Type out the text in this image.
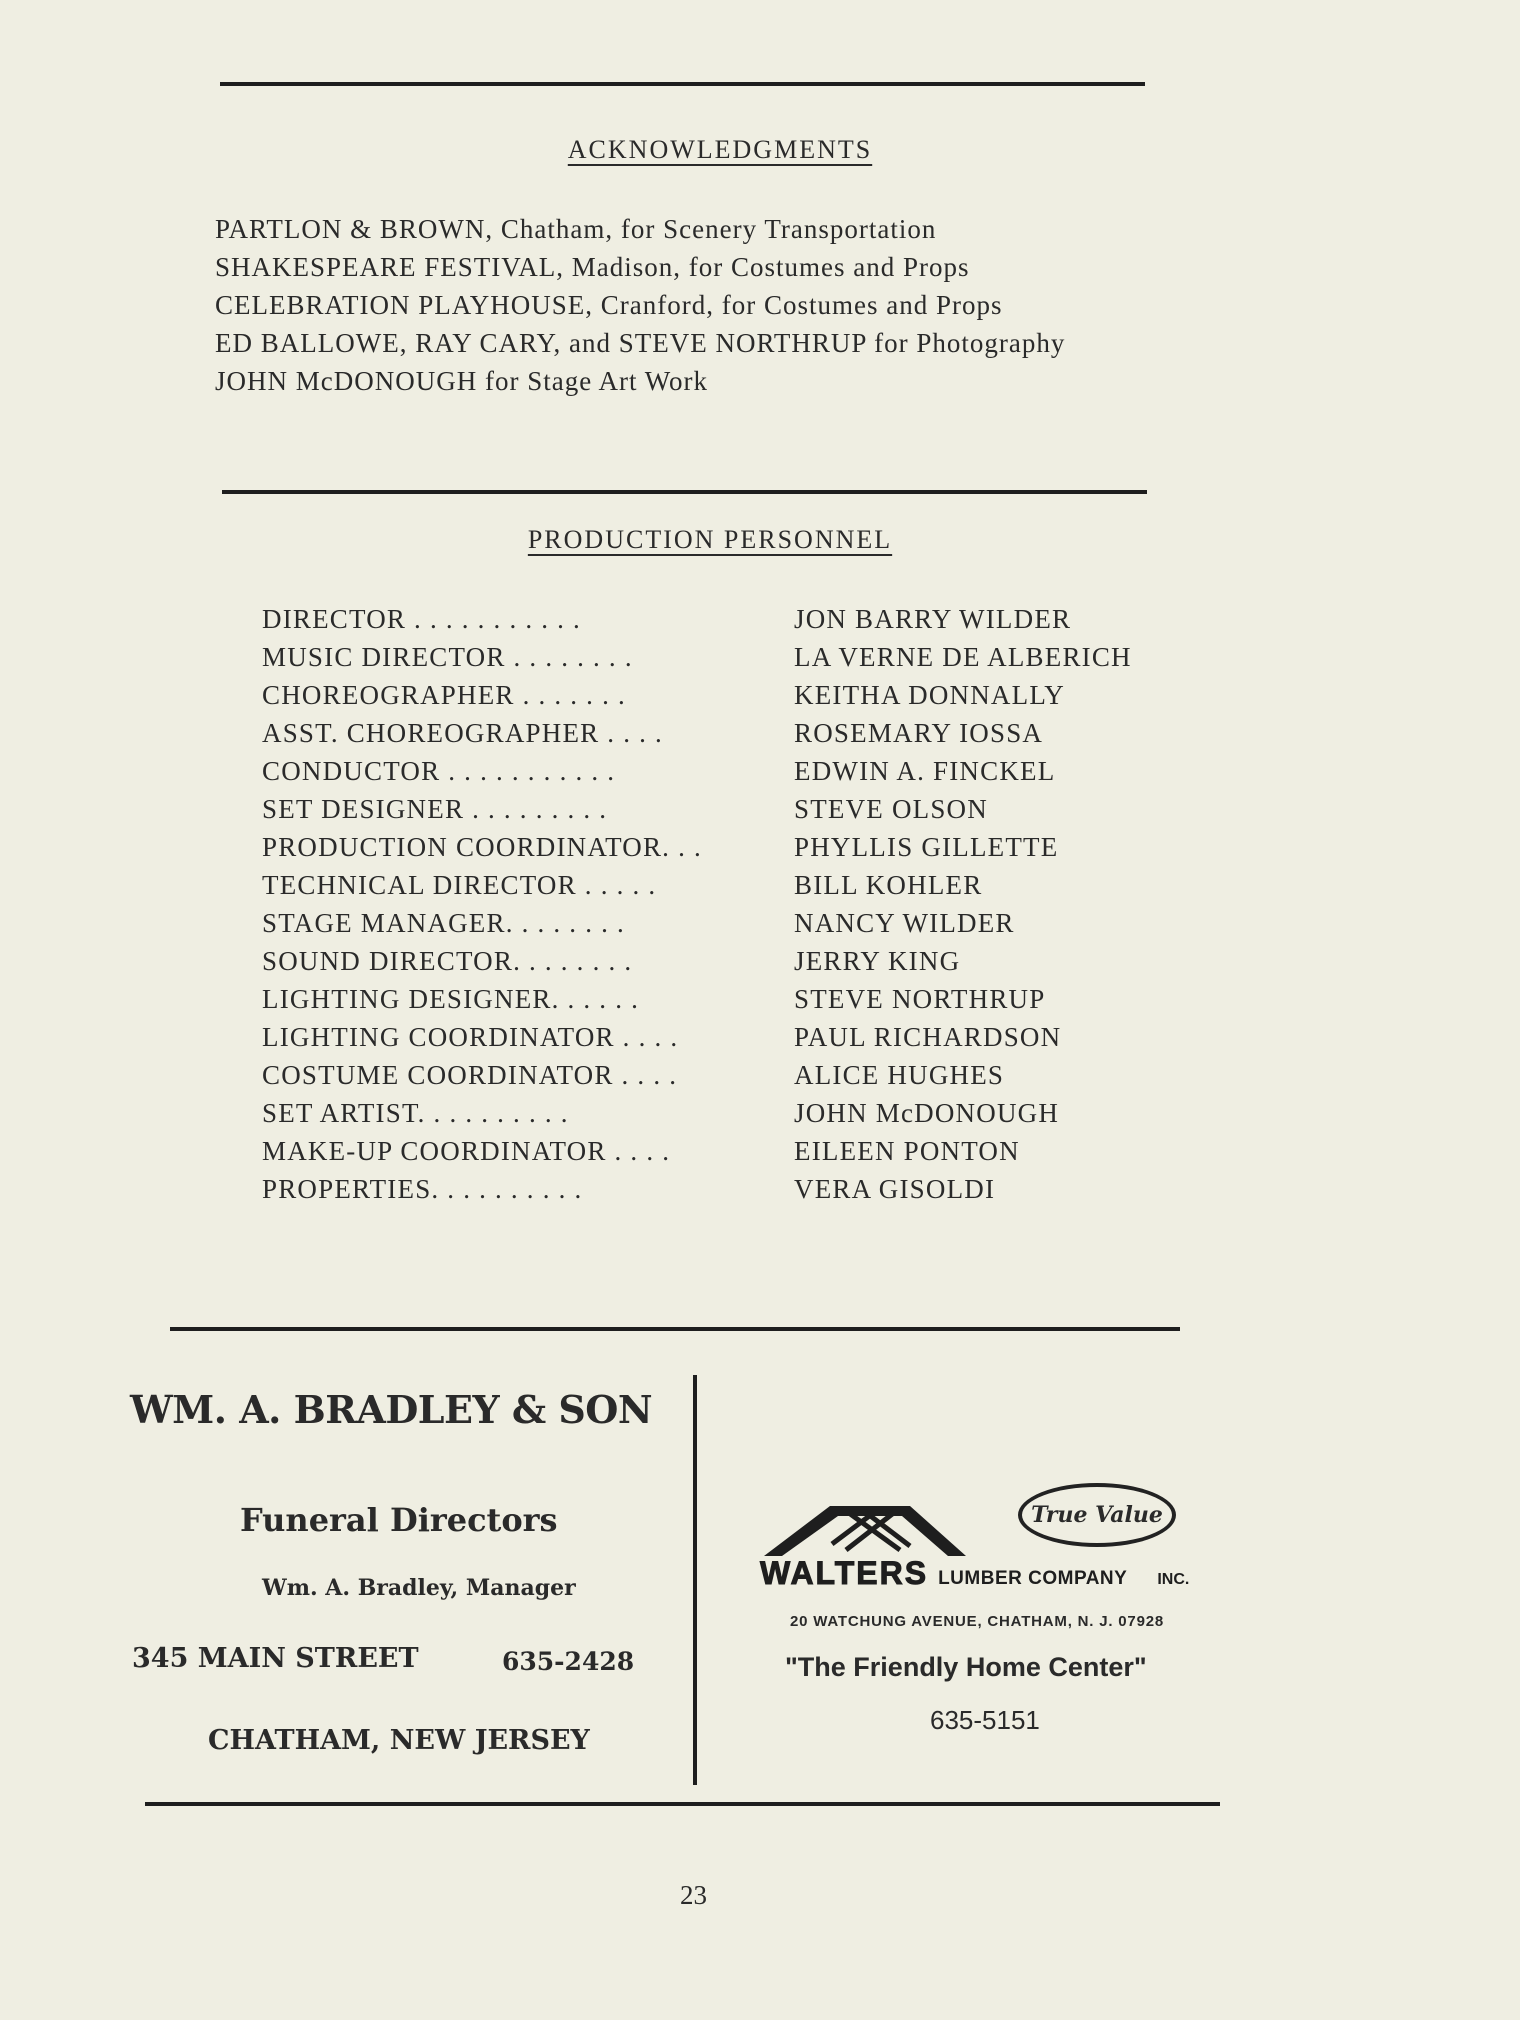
ACKNOWLEDGMENTS
PARTLON & BROWN, Chatham, for Scenery Transportation
SHAKESPEARE FESTIVAL, Madison, for Costumes and Props
CELEBRATION PLAYHOUSE, Cranford, for Costumes and Props
ED BALLOWE, RAY CARY, and STEVE NORTHRUP for Photography
JOHN McDONOUGH for Stage Art Work
PRODUCTION PERSONNEL
DIRECTOR . . . . . . . . . . .	JON BARRY WILDER
MUSIC DIRECTOR . . . . . . . .	LA VERNE DE ALBERICH
CHOREOGRAPHER . . . . . . .	KEITHA DONNALLY
ASST. CHOREOGRAPHER . . . .	ROSEMARY IOSSA
CONDUCTOR . . . . . . . . . . .	EDWIN A. FINCKEL
SET DESIGNER . . . . . . . . .	STEVE OLSON
PRODUCTION COORDINATOR. . .	PHYLLIS GILLETTE
TECHNICAL DIRECTOR . . . . .	BILL KOHLER
STAGE MANAGER. . . . . . . .	NANCY WILDER
SOUND DIRECTOR. . . . . . . .	JERRY KING
LIGHTING DESIGNER. . . . . .	STEVE NORTHRUP
LIGHTING COORDINATOR . . . .	PAUL RICHARDSON
COSTUME COORDINATOR . . . .	ALICE HUGHES
SET ARTIST. . . . . . . . . .	JOHN McDONOUGH
MAKE-UP COORDINATOR . . . .	EILEEN PONTON
PROPERTIES. . . . . . . . . .	VERA GISOLDI
WM. A. BRADLEY & SON
Funeral Directors
Wm. A. Bradley, Manager
345 MAIN STREET	635-2428
CHATHAM, NEW JERSEY
True Value
WALTERS LUMBER COMPANY INC.
20 WATCHUNG AVENUE, CHATHAM, N. J. 07928
"The Friendly Home Center"
635-5151
23
